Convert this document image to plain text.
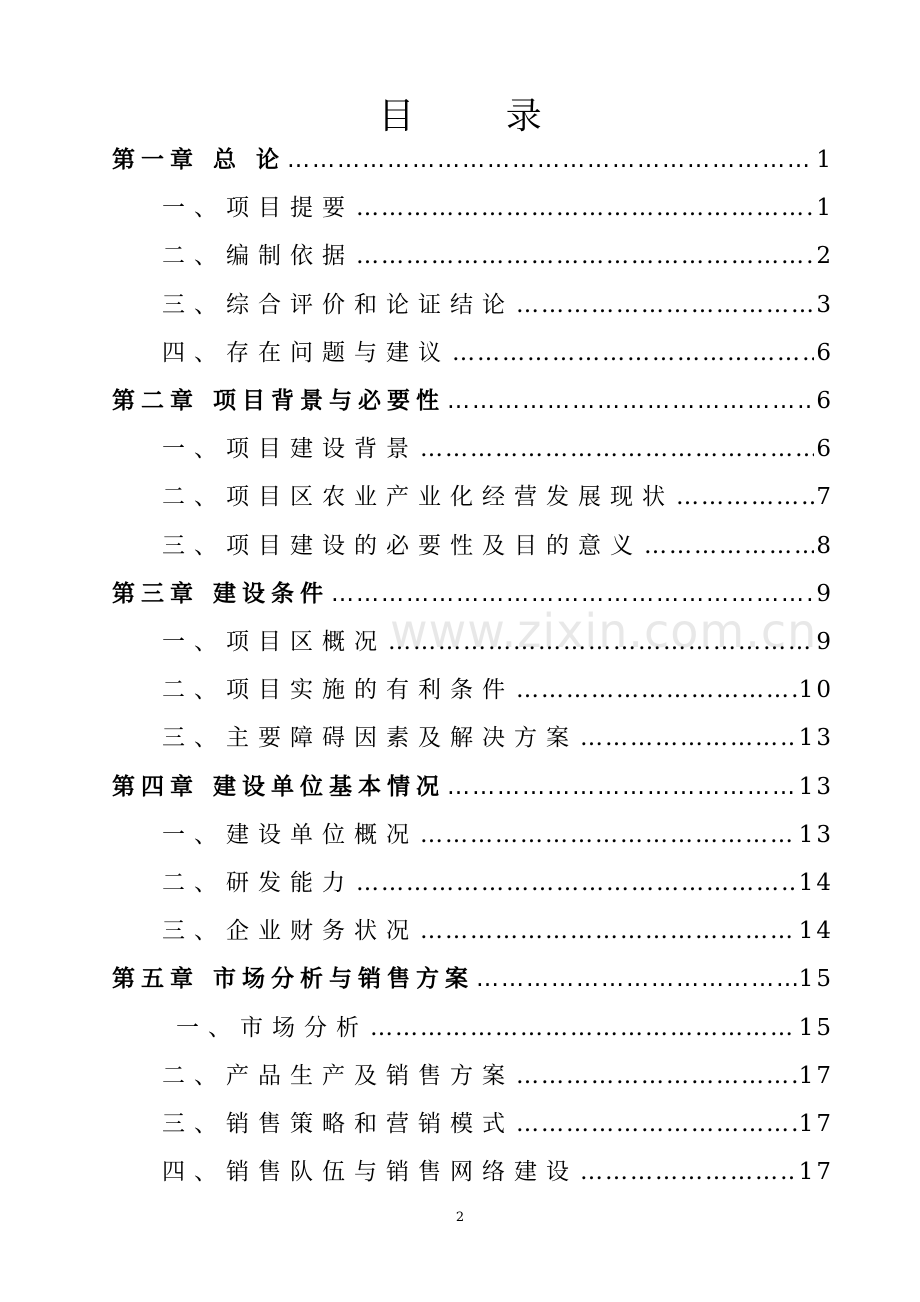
目 录
第一章 总 论 …………………………………………………………………………………………………………………………………………………………	1
一、项目提要 …………………………………………………………………………………………………………………………………………………………	1
二、编制依据 …………………………………………………………………………………………………………………………………………………………	2
三、综合评价和论证结论 …………………………………………………………………………………………………………………………………………………………	3
四、存在问题与建议 …………………………………………………………………………………………………………………………………………………………	6
第二章 项目背景与必要性 …………………………………………………………………………………………………………………………………………………………	6
一、项目建设背景 …………………………………………………………………………………………………………………………………………………………	6
二、项目区农业产业化经营发展现状 …………………………………………………………………………………………………………………………………………………………	7
三、项目建设的必要性及目的意义 …………………………………………………………………………………………………………………………………………………………	8
第三章 建设条件 …………………………………………………………………………………………………………………………………………………………	9
一、项目区概况 …………………………………………………………………………………………………………………………………………………………	9
二、项目实施的有利条件 …………………………………………………………………………………………………………………………………………………………	10
三、主要障碍因素及解决方案 …………………………………………………………………………………………………………………………………………………………	13
第四章 建设单位基本情况 …………………………………………………………………………………………………………………………………………………………	13
一、建设单位概况 …………………………………………………………………………………………………………………………………………………………	13
二、研发能力 …………………………………………………………………………………………………………………………………………………………	14
三、企业财务状况 …………………………………………………………………………………………………………………………………………………………	14
第五章 市场分析与销售方案 …………………………………………………………………………………………………………………………………………………………	15
一、市场分析 …………………………………………………………………………………………………………………………………………………………	15
二、产品生产及销售方案 …………………………………………………………………………………………………………………………………………………………	17
三、销售策略和营销模式 …………………………………………………………………………………………………………………………………………………………	17
四、销售队伍与销售网络建设 …………………………………………………………………………………………………………………………………………………………	17
www.zixin.com.cn
2
